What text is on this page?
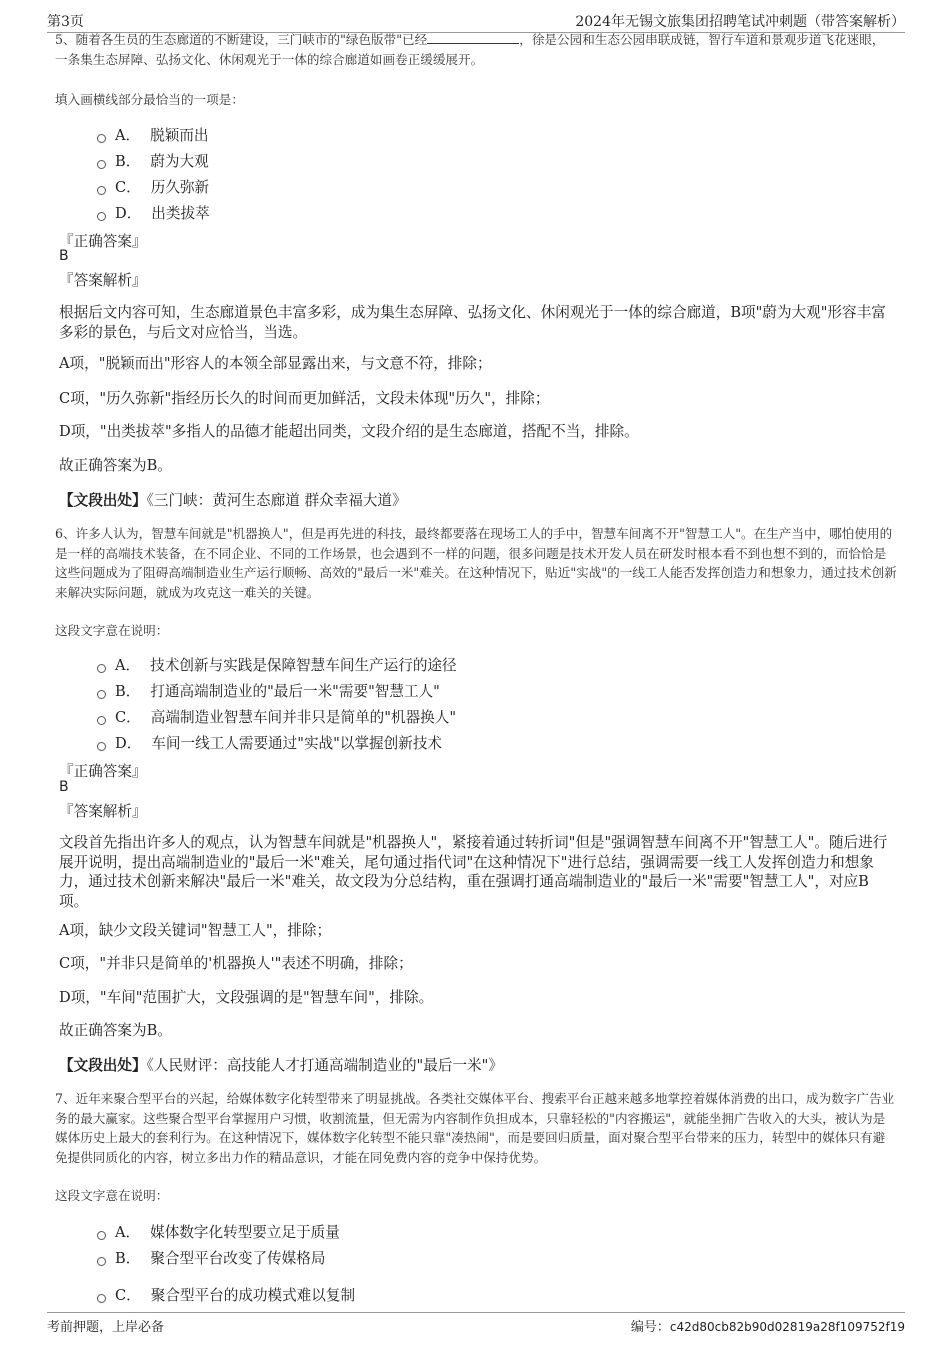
第3页	2024年无锡文旅集团招聘笔试冲刺题（带答案解析）
5、随着各生员的生态廊道的不断建设，三门峡市的"绿色版带"已经	，徐是公园和生态公园串联成链，智行车道和景观步道飞花迷眼，一条集生态屏障、弘扬文化、休闲观光于一体的综合廊道如画卷正缓缓展开。
填入画横线部分最恰当的一项是：
A． 脱颖而出
B． 蔚为大观
C． 历久弥新
D． 出类拔萃
『正确答案』
B
『答案解析』
根据后文内容可知，生态廊道景色丰富多彩，成为集生态屏障、弘扬文化、休闲观光于一体的综合廊道，B项"蔚为大观"形容丰富多彩的景色，与后文对应恰当，当选。
A项，"脱颖而出"形容人的本领全部显露出来，与文意不符，排除；
C项，"历久弥新"指经历长久的时间而更加鲜活，文段未体现"历久"，排除；
D项，"出类拔萃"多指人的品德才能超出同类，文段介绍的是生态廊道，搭配不当，排除。
故正确答案为B。
【文段出处】《三门峡：黄河生态廊道 群众幸福大道》
6、许多人认为，智慧车间就是"机器换人"，但是再先进的科技，最终都要落在现场工人的手中，智慧车间离不开"智慧工人"。在生产当中，哪怕使用的是一样的高端技术装备，在不同企业、不同的工作场景，也会遇到不一样的问题，很多问题是技术开发人员在研发时根本看不到也想不到的，而恰恰是这些问题成为了阻碍高端制造业生产运行顺畅、高效的"最后一米"难关。在这种情况下，贴近"实战"的一线工人能否发挥创造力和想象力，通过技术创新来解决实际问题，就成为攻克这一难关的关键。
这段文字意在说明：
A． 技术创新与实践是保障智慧车间生产运行的途径
B． 打通高端制造业的"最后一米"需要"智慧工人"
C． 高端制造业智慧车间并非只是简单的"机器换人"
D． 车间一线工人需要通过"实战"以掌握创新技术
『正确答案』
B
『答案解析』
文段首先指出许多人的观点，认为智慧车间就是"机器换人"，紧接着通过转折词"但是"强调智慧车间离不开"智慧工人"。随后进行展开说明，提出高端制造业的"最后一米"难关，尾句通过指代词"在这种情况下"进行总结，强调需要一线工人发挥创造力和想象力，通过技术创新来解决"最后一米"难关，故文段为分总结构，重在强调打通高端制造业的"最后一米"需要"智慧工人"，对应B项。
A项，缺少文段关键词"智慧工人"，排除；
C项，"并非只是简单的'机器换人'"表述不明确，排除；
D项，"车间"范围扩大，文段强调的是"智慧车间"，排除。
故正确答案为B。
【文段出处】《人民财评：高技能人才打通高端制造业的"最后一米"》
7、近年来聚合型平台的兴起，给媒体数字化转型带来了明显挑战。各类社交媒体平台、搜索平台正越来越多地掌控着媒体消费的出口，成为数字广告业务的最大赢家。这些聚合型平台掌握用户习惯，收割流量，但无需为内容制作负担成本，只靠轻松的"内容搬运"，就能坐拥广告收入的大头，被认为是媒体历史上最大的套利行为。在这种情况下，媒体数字化转型不能只靠"凑热闹"，而是要回归质量，面对聚合型平台带来的压力，转型中的媒体只有避免提供同质化的内容，树立多出力作的精品意识，才能在同免费内容的竞争中保持优势。
这段文字意在说明：
A． 媒体数字化转型要立足于质量
B． 聚合型平台改变了传媒格局
C． 聚合型平台的成功模式难以复制
考前押题，上岸必备	编号：c42d80cb82b90d02819a28f109752f19
